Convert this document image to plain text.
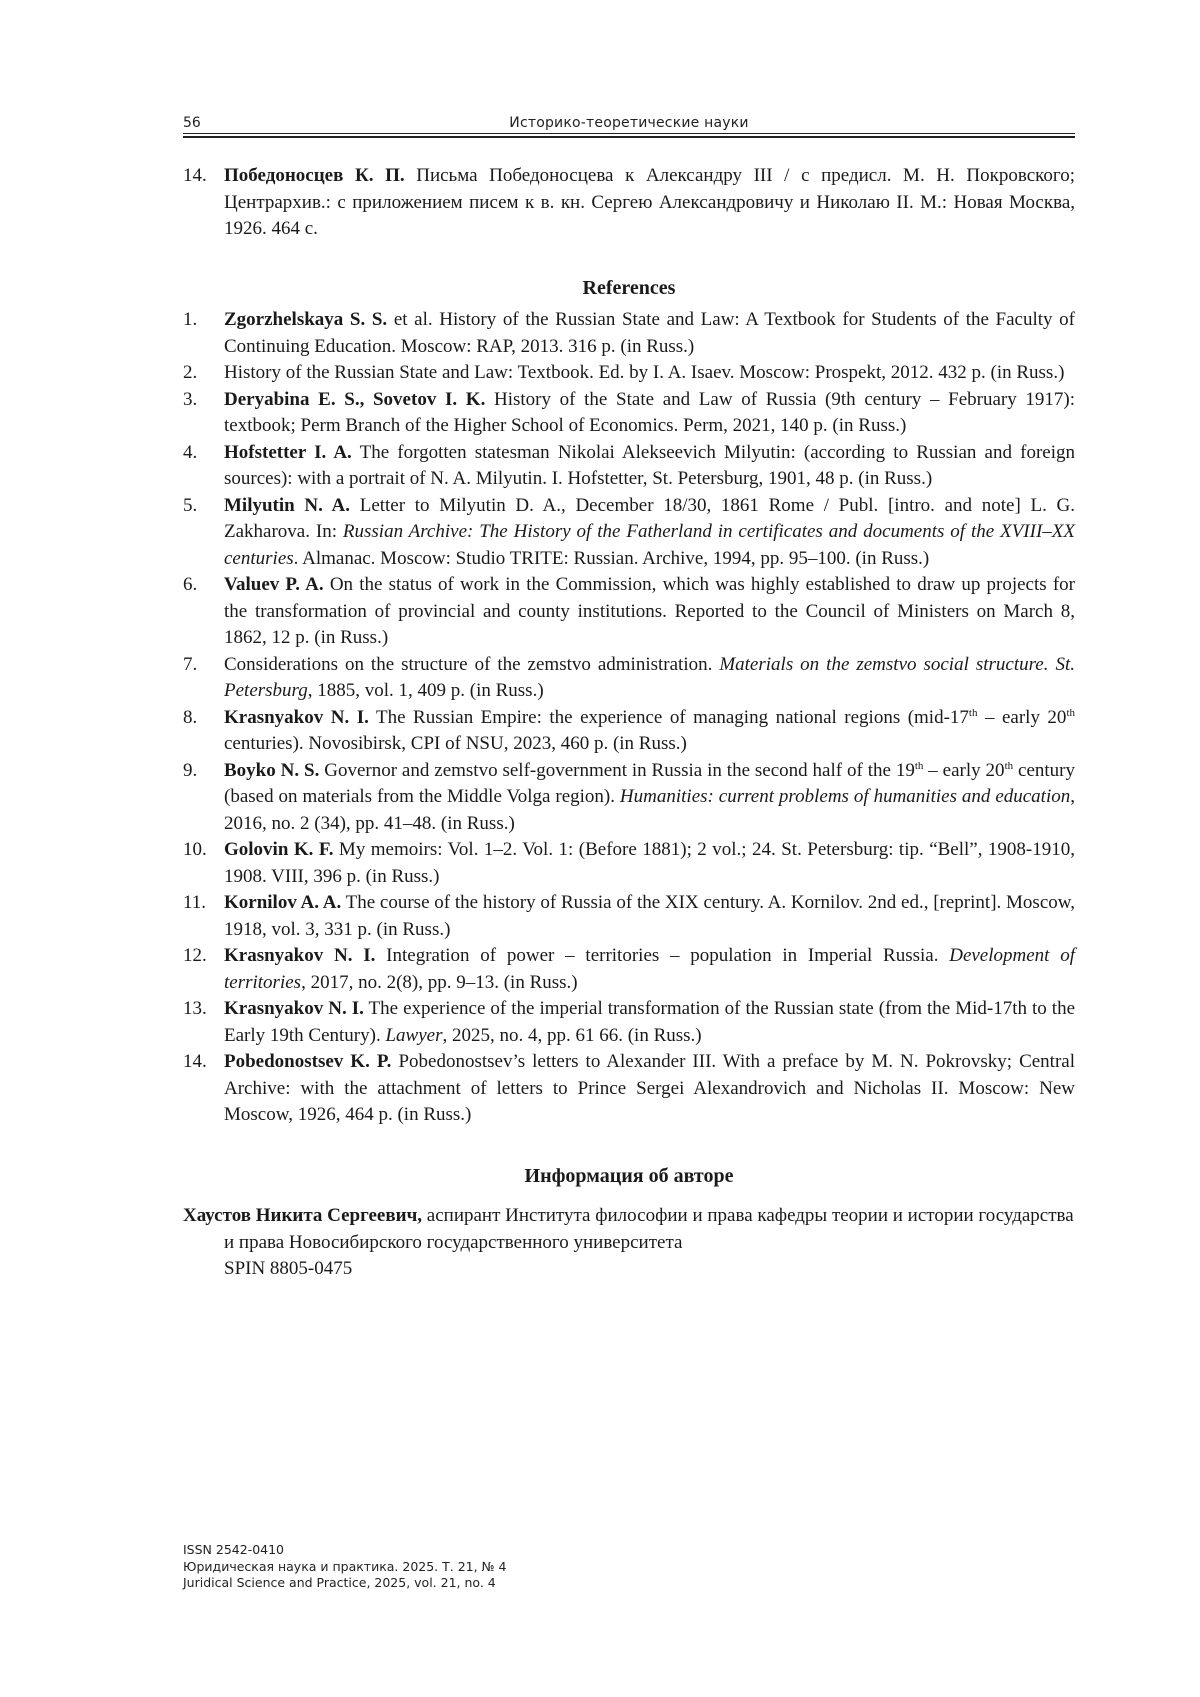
56	Историко-теоретические науки
14. Победоносцев К. П. Письма Победоносцева к Александру III / с предисл. М. Н. Покровского; Центрархив.: с приложением писем к в. кн. Сергею Александровичу и Николаю II. М.: Новая Москва, 1926. 464 с.
References
1.	Zgorzhelskaya S. S. et al. History of the Russian State and Law: A Textbook for Students of the Faculty of Continuing Education. Moscow: RAP, 2013. 316 p. (in Russ.)
2.	History of the Russian State and Law: Textbook. Ed. by I. A. Isaev. Moscow: Prospekt, 2012. 432 p. (in Russ.)
3.	Deryabina E. S., Sovetov I. K. History of the State and Law of Russia (9th century – February 1917): textbook; Perm Branch of the Higher School of Economics. Perm, 2021, 140 p. (in Russ.)
4.	Hofstetter I. A. The forgotten statesman Nikolai Alekseevich Milyutin: (according to Russian and foreign sources): with a portrait of N. A. Milyutin. I. Hofstetter, St. Petersburg, 1901, 48 p. (in Russ.)
5.	Milyutin N. A. Letter to Milyutin D. A., December 18/30, 1861 Rome / Publ. [intro. and note] L. G. Zakharova. In: Russian Archive: The History of the Fatherland in certificates and documents of the XVIII–XX centuries. Almanac. Moscow: Studio TRITE: Russian. Archive, 1994, pp. 95–100. (in Russ.)
6.	Valuev P. A. On the status of work in the Commission, which was highly established to draw up projects for the transformation of provincial and county institutions. Reported to the Council of Ministers on March 8, 1862, 12 p. (in Russ.)
7.	Considerations on the structure of the zemstvo administration. Materials on the zemstvo social structure. St. Petersburg, 1885, vol. 1, 409 p. (in Russ.)
8.	Krasnyakov N. I. The Russian Empire: the experience of managing national regions (mid-17th – early 20th centuries). Novosibirsk, CPI of NSU, 2023, 460 p. (in Russ.)
9.	Boyko N. S. Governor and zemstvo self-government in Russia in the second half of the 19th – early 20th century (based on materials from the Middle Volga region). Humanities: current problems of humanities and education, 2016, no. 2 (34), pp. 41–48. (in Russ.)
10. Golovin K. F. My memoirs: Vol. 1–2. Vol. 1: (Before 1881); 2 vol.; 24. St. Petersburg: tip. “Bell”, 1908-1910, 1908. VIII, 396 p. (in Russ.)
11. Kornilov A. A. The course of the history of Russia of the XIX century. A. Kornilov. 2nd ed., [reprint]. Moscow, 1918, vol. 3, 331 p. (in Russ.)
12. Krasnyakov N. I. Integration of power – territories – population in Imperial Russia. Development of territories, 2017, no. 2(8), pp. 9–13. (in Russ.)
13. Krasnyakov N. I. The experience of the imperial transformation of the Russian state (from the Mid-17th to the Early 19th Century). Lawyer, 2025, no. 4, pp. 61 66. (in Russ.)
14. Pobedonostsev K. P. Pobedonostsev’s letters to Alexander III. With a preface by M. N. Pokrovsky; Central Archive: with the attachment of letters to Prince Sergei Alexandrovich and Nicholas II. Moscow: New Moscow, 1926, 464 p. (in Russ.)
Информация об авторе
Хаустов Никита Сергеевич, аспирант Института философии и права кафедры теории и истории государства и права Новосибирского государственного университета
SPIN 8805-0475
ISSN 2542-0410
Юридическая наука и практика. 2025. Т. 21, № 4
Juridical Science and Practice, 2025, vol. 21, no. 4
